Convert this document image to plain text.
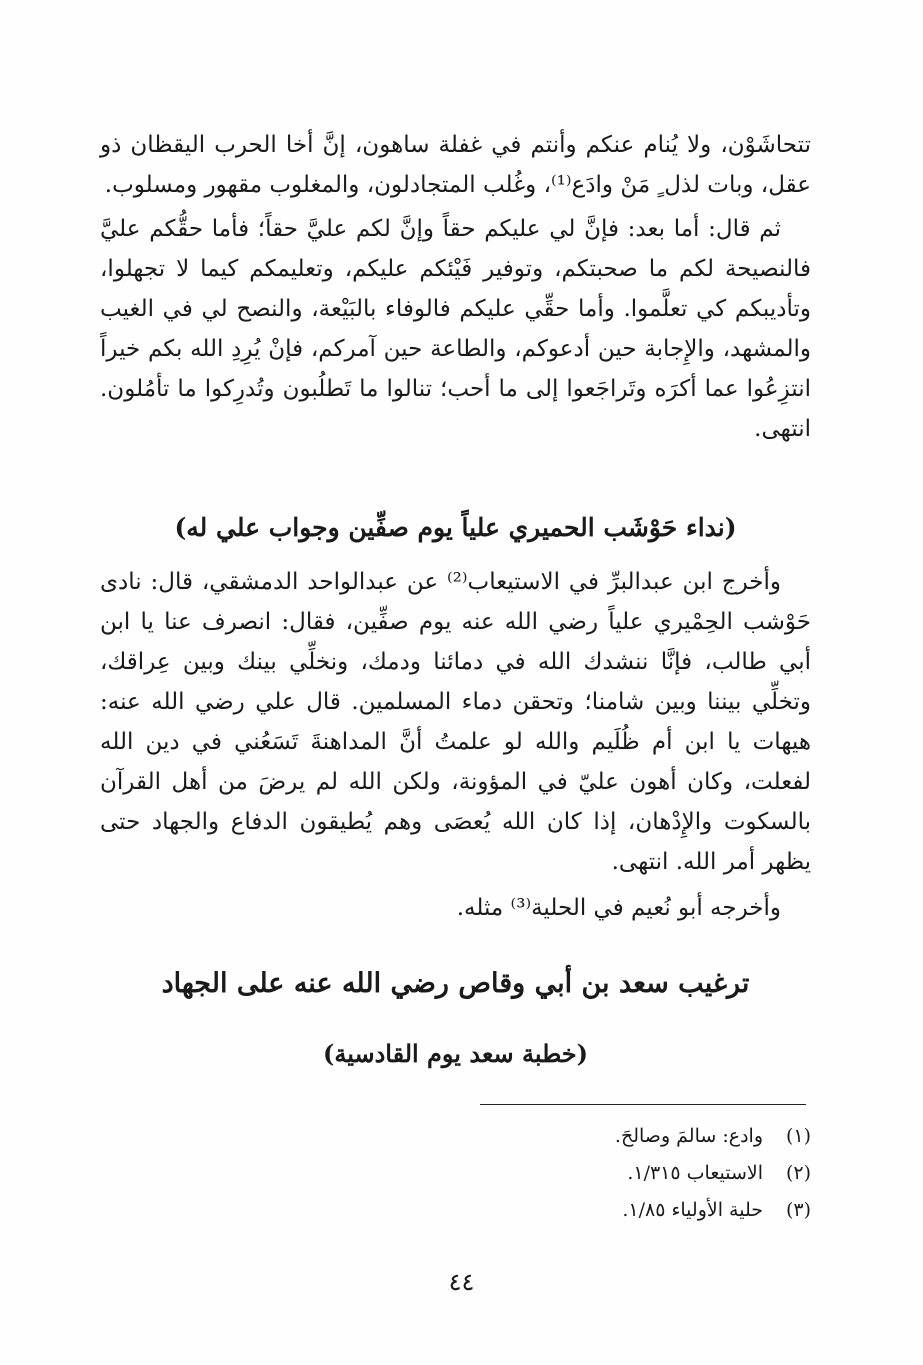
تتحاشَوْن، ولا يُنام عنكم وأنتم في غفلة ساهون، إنَّ أخا الحرب اليقظان ذو عقل، وبات لذل ٍ مَنْ وادَع⁽¹⁾، وغُلب المتجادلون، والمغلوب مقهور ومسلوب.

ثم قال: أما بعد: فإنَّ لي عليكم حقاً وإنَّ لكم عليَّ حقاً؛ فأما حقُّكم عليَّ فالنصيحة لكم ما صحبتكم، وتوفير فَيْئكم عليكم، وتعليمكم كيما لا تجهلوا، وتأديبكم كي تعلَّموا. وأما حقِّي عليكم فالوفاء بالبَيْعة، والنصح لي في الغيب والمشهد، والإِجابة حين أدعوكم، والطاعة حين آمركم، فإنْ يُرِدِ الله بكم خيراً انتزِعُوا عما أكرَه وتَراجَعوا إلى ما أحب؛ تنالوا ما تَطلُبون وتُدرِكوا ما تأمُلون. انتهى.

(نداء حَوْشَب الحميري علياً يوم صفِّين وجواب علي له)

وأخرج ابن عبدالبرِّ في الاستيعاب⁽²⁾ عن عبدالواحد الدمشقي، قال: نادى حَوْشب الحِمْيري علياً رضي الله عنه يوم صفِّين، فقال: انصرف عنا يا ابن أبي طالب، فإنَّا ننشدك الله في دمائنا ودمك، ونخلِّي بينك وبين عِراقك، وتخلِّي بيننا وبين شامنا؛ وتحقن دماء المسلمين. قال علي رضي الله عنه: هيهات يا ابن أم ظُلَيم والله لو علمتُ أنَّ المداهنةَ تَسَعُني في دين الله لفعلت، وكان أهون عليّ في المؤونة، ولكن الله لم يرضَ من أهل القرآن بالسكوت والإِدْهان، إذا كان الله يُعصَى وهم يُطيقون الدفاع والجهاد حتى يظهر أمر الله. انتهى.

وأخرجه أبو نُعيم في الحلية⁽³⁾ مثله.

ترغيب سعد بن أبي وقاص رضي الله عنه على الجهاد
(خطبة سعد يوم القادسية)
(١)
وادع: سالمَ وصالحَ.
(٢)
الاستيعاب ١/٣١٥.
(٣)
حلية الأولياء ١/٨٥.
٤٤
